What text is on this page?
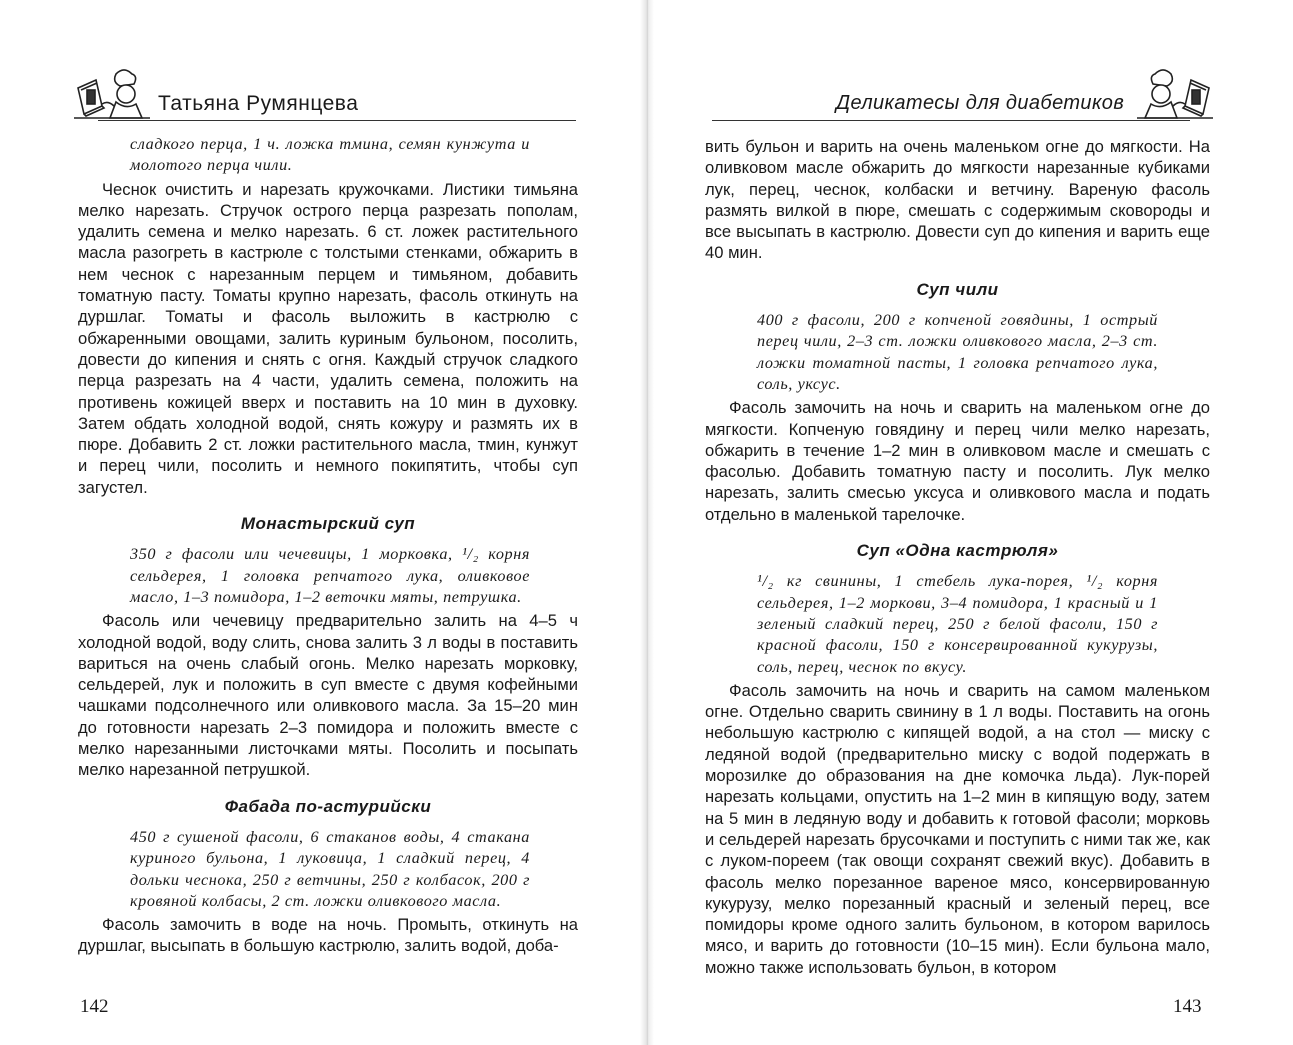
Татьяна Румянцева
сладкого перца, 1 ч. ложка тмина, семян кунжута и молотого перца чили.

Чеснок очистить и нарезать кружочками. Листики тимьяна мелко нарезать. Стручок острого перца разрезать пополам, удалить семена и мелко нарезать. 6 ст. ложек растительного масла разогреть в кастрюле с толстыми стенками, обжарить в нем чеснок с нарезанным перцем и тимьяном, добавить томатную пасту. Томаты крупно нарезать, фасоль откинуть на дуршлаг. Томаты и фасоль выложить в кастрюлю с обжаренными овощами, залить куриным бульоном, посолить, довести до кипения и снять с огня. Каждый стручок сладкого перца разрезать на 4 части, удалить семена, положить на противень кожицей вверх и поставить на 10 мин в духовку. Затем обдать холодной водой, снять кожуру и размять их в пюре. Добавить 2 ст. ложки растительного масла, тмин, кунжут и перец чили, посолить и немного покипятить, чтобы суп загустел.

Монастырский суп
350 г фасоли или чечевицы, 1 морковка, ¹/₂ корня сельдерея, 1 головка репчатого лука, оливковое масло, 1–3 помидора, 1–2 веточки мяты, петрушка.

Фасоль или чечевицу предварительно залить на 4–5 ч холодной водой, воду слить, снова залить 3 л воды в поставить вариться на очень слабый огонь. Мелко нарезать морковку, сельдерей, лук и положить в суп вместе с двумя кофейными чашками подсолнечного или оливкового масла. За 15–20 мин до готовности нарезать 2–3 помидора и положить вместе с мелко нарезанными листочками мяты. Посолить и посыпать мелко нарезанной петрушкой.

Фабада по-астурийски
450 г сушеной фасоли, 6 стаканов воды, 4 стакана куриного бульона, 1 луковица, 1 сладкий перец, 4 дольки чеснока, 250 г ветчины, 250 г колбасок, 200 г кровяной колбасы, 2 ст. ложки оливкового масла.

Фасоль замочить в воде на ночь. Промыть, откинуть на дуршлаг, высыпать в большую кастрюлю, залить водой, доба-

142
Деликатесы для диабетиков

вить бульон и варить на очень маленьком огне до мягкости. На оливковом масле обжарить до мягкости нарезанные кубиками лук, перец, чеснок, колбаски и ветчину. Вареную фасоль размять вилкой в пюре, смешать с содержимым сковороды и все высыпать в кастрюлю. Довести суп до кипения и варить еще 40 мин.

Суп чили
400 г фасоли, 200 г копченой говядины, 1 острый перец чили, 2–3 ст. ложки оливкового масла, 2–3 ст. ложки томатной пасты, 1 головка репчатого лука, соль, уксус.

Фасоль замочить на ночь и сварить на маленьком огне до мягкости. Копченую говядину и перец чили мелко нарезать, обжарить в течение 1–2 мин в оливковом масле и смешать с фасолью. Добавить томатную пасту и посолить. Лук мелко нарезать, залить смесью уксуса и оливкового масла и подать отдельно в маленькой тарелочке.

Суп «Одна кастрюля»
¹/₂ кг свинины, 1 стебель лука-порея, ¹/₂ корня сельдерея, 1–2 моркови, 3–4 помидора, 1 красный и 1 зеленый сладкий перец, 250 г белой фасоли, 150 г красной фасоли, 150 г консервированной кукурузы, соль, перец, чеснок по вкусу.

Фасоль замочить на ночь и сварить на самом маленьком огне. Отдельно сварить свинину в 1 л воды. Поставить на огонь небольшую кастрюлю с кипящей водой, а на стол — миску с ледяной водой (предварительно миску с водой подержать в морозилке до образования на дне комочка льда). Лук-порей нарезать кольцами, опустить на 1–2 мин в кипящую воду, затем на 5 мин в ледяную воду и добавить к готовой фасоли; морковь и сельдерей нарезать брусочками и поступить с ними так же, как с луком-пореем (так овощи сохранят свежий вкус). Добавить в фасоль мелко порезанное вареное мясо, консервированную кукурузу, мелко порезанный красный и зеленый перец, все помидоры кроме одного залить бульоном, в котором варилось мясо, и варить до готовности (10–15 мин). Если бульона мало, можно также использовать бульон, в котором

143
